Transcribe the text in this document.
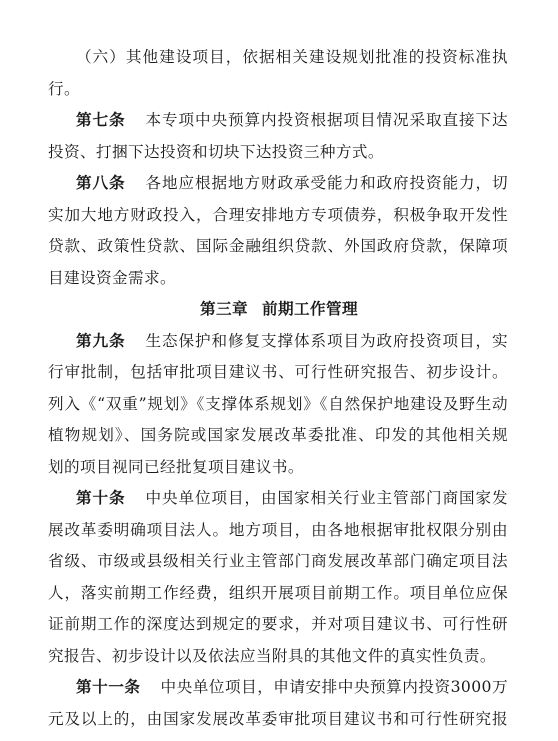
（六）其他建设项目，依据相关建设规划批准的投资标准执
行。
第七条 本专项中央预算内投资根据项目情况采取直接下达
投资、打捆下达投资和切块下达投资三种方式。
第八条 各地应根据地方财政承受能力和政府投资能力，切
实加大地方财政投入，合理安排地方专项债券，积极争取开发性
贷款、政策性贷款、国际金融组织贷款、外国政府贷款，保障项
目建设资金需求。
第三章 前期工作管理
第九条 生态保护和修复支撑体系项目为政府投资项目，实
行审批制，包括审批项目建议书、可行性研究报告、初步设计。
列入《“双重”规划》《支撑体系规划》《自然保护地建设及野生动
植物规划》、国务院或国家发展改革委批准、印发的其他相关规
划的项目视同已经批复项目建议书。
第十条 中央单位项目，由国家相关行业主管部门商国家发
展改革委明确项目法人。地方项目，由各地根据审批权限分别由
省级、市级或县级相关行业主管部门商发展改革部门确定项目法
人，落实前期工作经费，组织开展项目前期工作。项目单位应保
证前期工作的深度达到规定的要求，并对项目建议书、可行性研
究报告、初步设计以及依法应当附具的其他文件的真实性负责。
第十一条 中央单位项目，申请安排中央预算内投资3000万
元及以上的，由国家发展改革委审批项目建议书和可行性研究报
